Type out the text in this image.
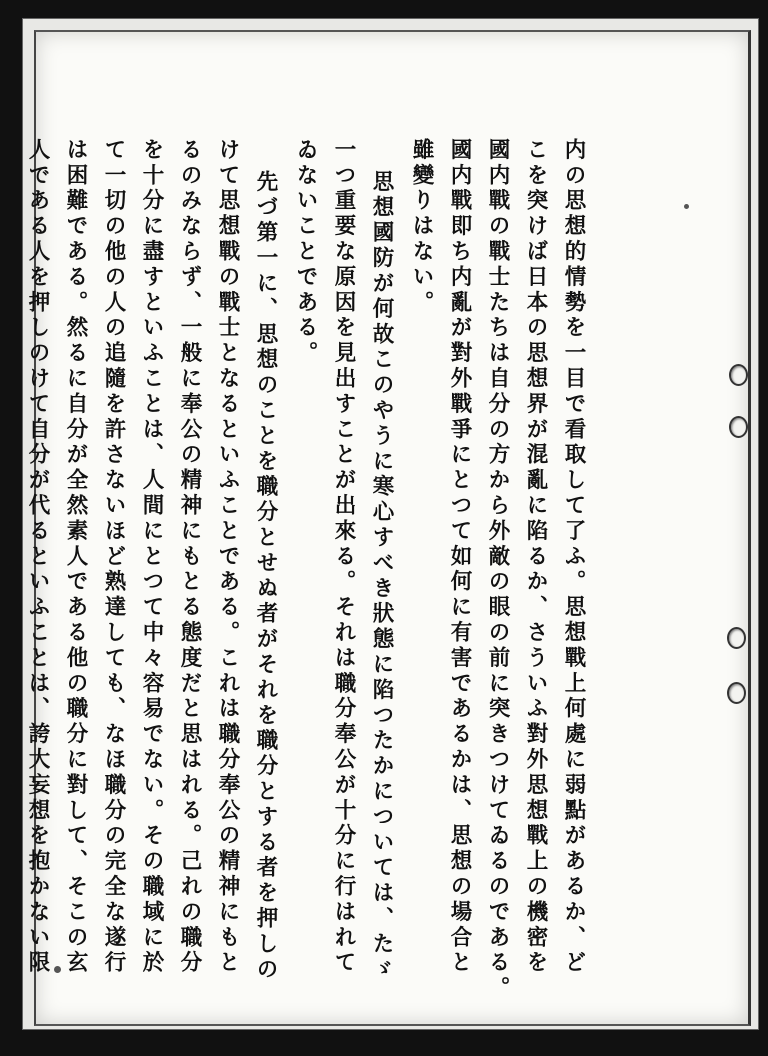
内の思想的情勢を一目で看取して了ふ。思想戰上何處に弱點があるか、ど
こを突けば日本の思想界が混亂に陷るか、さういふ對外思想戰上の機密を
國内戰の戰士たちは自分の方から外敵の眼の前に突きつけてゐるのである。
國内戰即ち内亂が對外戰爭にとつて如何に有害であるかは、思想の場合と
雖變りはない。
思想國防が何故このやうに寒心すべき狀態に陷つたかについては、たゞ
一つ重要な原因を見出すことが出來る。それは職分奉公が十分に行はれて
ゐないことである。
先づ第一に、思想のことを職分とせぬ者がそれを職分とする者を押しの
けて思想戰の戰士となるといふことである。これは職分奉公の精神にもと
るのみならず、一般に奉公の精神にもとる態度だと思はれる。己れの職分
を十分に盡すといふことは、人間にとつて中々容易でない。その職域に於
て一切の他の人の追隨を許さないほど熟達しても、なほ職分の完全な遂行
は困難である。然るに自分が全然素人である他の職分に對して、そこの玄
人である人を押しのけて自分が代るといふことは、誇大妄想を抱かない限
